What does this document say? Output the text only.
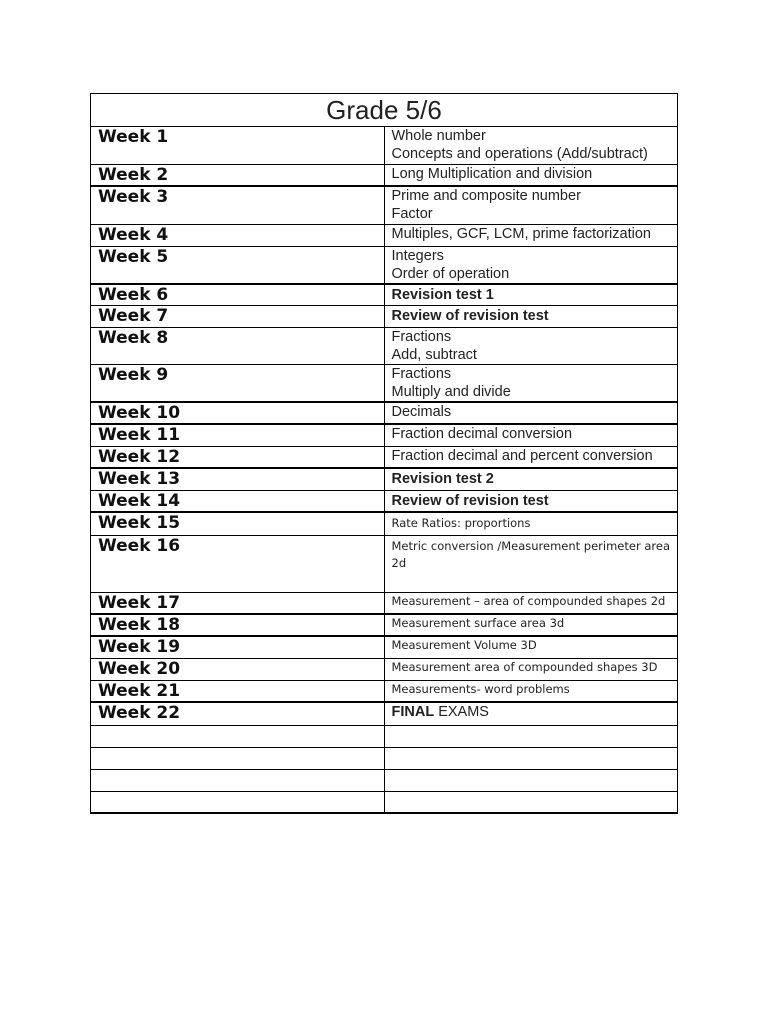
Grade 5/6	
Week 1	Whole number
Concepts and operations (Add/subtract)

Week 2	Long Multiplication and division

Week 3	Prime and composite number
Factor

Week 4	Multiples, GCF, LCM, prime factorization

Week 5	Integers
Order of operation

Week 6	Revision test 1

Week 7	Review of revision test

Week 8	Fractions
Add, subtract

Week 9	Fractions
Multiply and divide

Week 10	Decimals

Week 11	Fraction decimal conversion

Week 12	Fraction decimal and percent conversion

Week 13	Revision test 2

Week 14	Review of revision test

Week 15	Rate Ratios: proportions

Week 16	Metric conversion /Measurement perimeter area
2d

Week 17	Measurement – area of compounded shapes 2d

Week 18	Measurement surface area 3d

Week 19	Measurement Volume 3D

Week 20	Measurement area of compounded shapes 3D

Week 21	Measurements- word problems

Week 22	FINAL EXAMS
